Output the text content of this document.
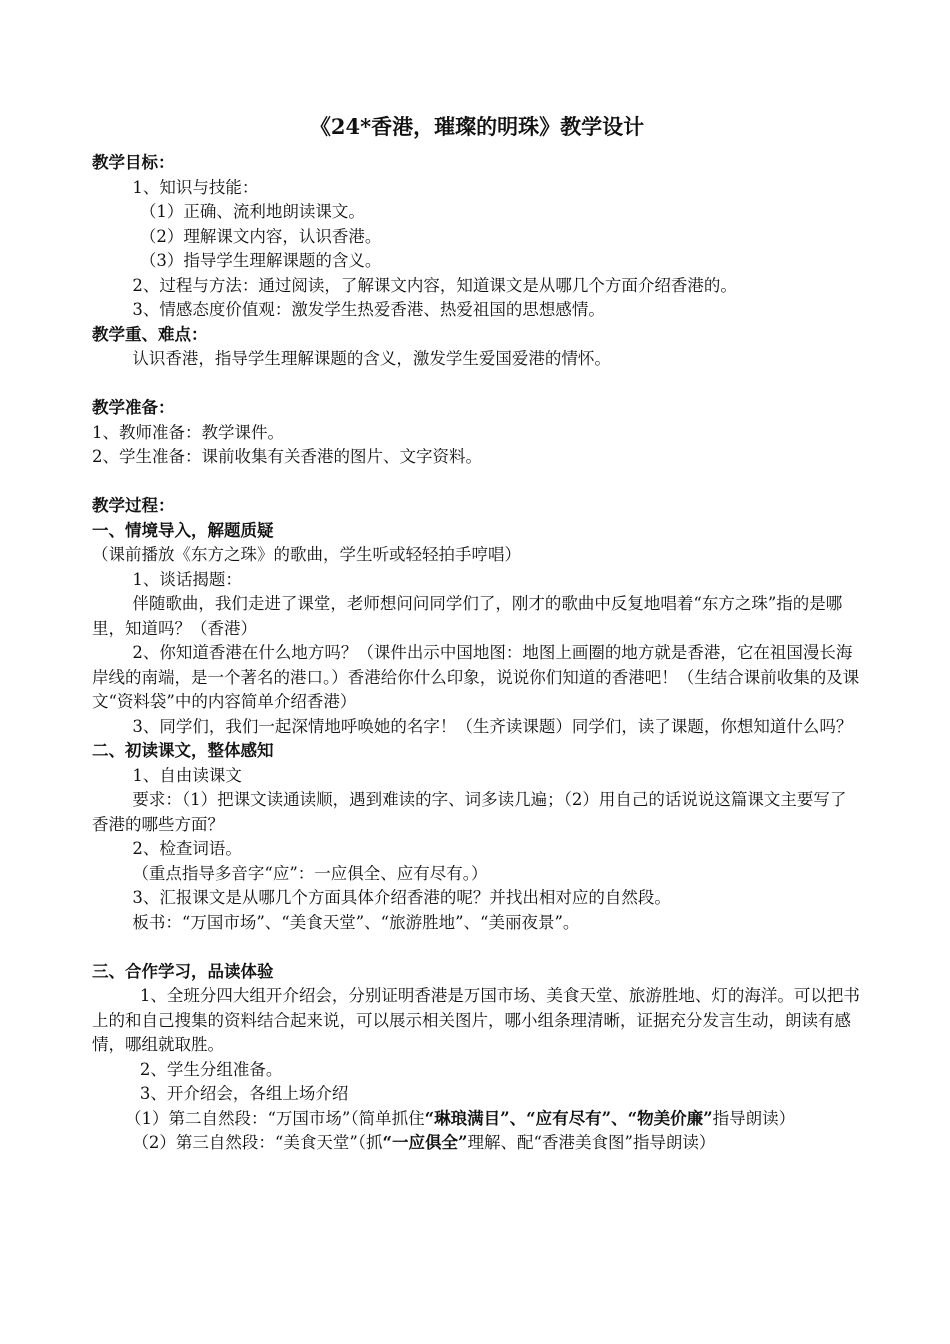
《24*香港，璀璨的明珠》教学设计

教学目标：

1、知识与技能：

（1）正确、流利地朗读课文。

（2）理解课文内容，认识香港。

（3）指导学生理解课题的含义。

2、过程与方法：通过阅读，了解课文内容，知道课文是从哪几个方面介绍香港的。

3、情感态度价值观：激发学生热爱香港、热爱祖国的思想感情。

教学重、难点：

认识香港，指导学生理解课题的含义，激发学生爱国爱港的情怀。

教学准备：

1、教师准备：教学课件。

2、学生准备：课前收集有关香港的图片、文字资料。

教学过程：

一、情境导入，解题质疑

（课前播放《东方之珠》的歌曲，学生听或轻轻拍手哼唱）

1、谈话揭题：

伴随歌曲，我们走进了课堂，老师想问问同学们了，刚才的歌曲中反复地唱着“东方之珠”指的是哪里，知道吗？（香港）

2、你知道香港在什么地方吗？（课件出示中国地图：地图上画圈的地方就是香港，它在祖国漫长海岸线的南端，是一个著名的港口。）香港给你什么印象，说说你们知道的香港吧！（生结合课前收集的及课文“资料袋”中的内容简单介绍香港）

3、同学们，我们一起深情地呼唤她的名字！（生齐读课题）同学们，读了课题，你想知道什么吗？

二、初读课文，整体感知

1、自由读课文

要求：（1）把课文读通读顺，遇到难读的字、词多读几遍；（2）用自己的话说说这篇课文主要写了香港的哪些方面？

2、检查词语。

（重点指导多音字“应”：一应俱全、应有尽有。）

3、汇报课文是从哪几个方面具体介绍香港的呢？并找出相对应的自然段。

板书：“万国市场”、“美食天堂”、“旅游胜地”、“美丽夜景”。

三、合作学习，品读体验

1、全班分四大组开介绍会，分别证明香港是万国市场、美食天堂、旅游胜地、灯的海洋。可以把书上的和自己搜集的资料结合起来说，可以展示相关图片，哪小组条理清晰，证据充分发言生动，朗读有感情，哪组就取胜。

2、学生分组准备。

3、开介绍会，各组上场介绍

（1）第二自然段：“万国市场”（简单抓住“琳琅满目”、“应有尽有”、“物美价廉”指导朗读）

（2）第三自然段：“美食天堂”（抓“一应俱全”理解、配“香港美食图”指导朗读）
